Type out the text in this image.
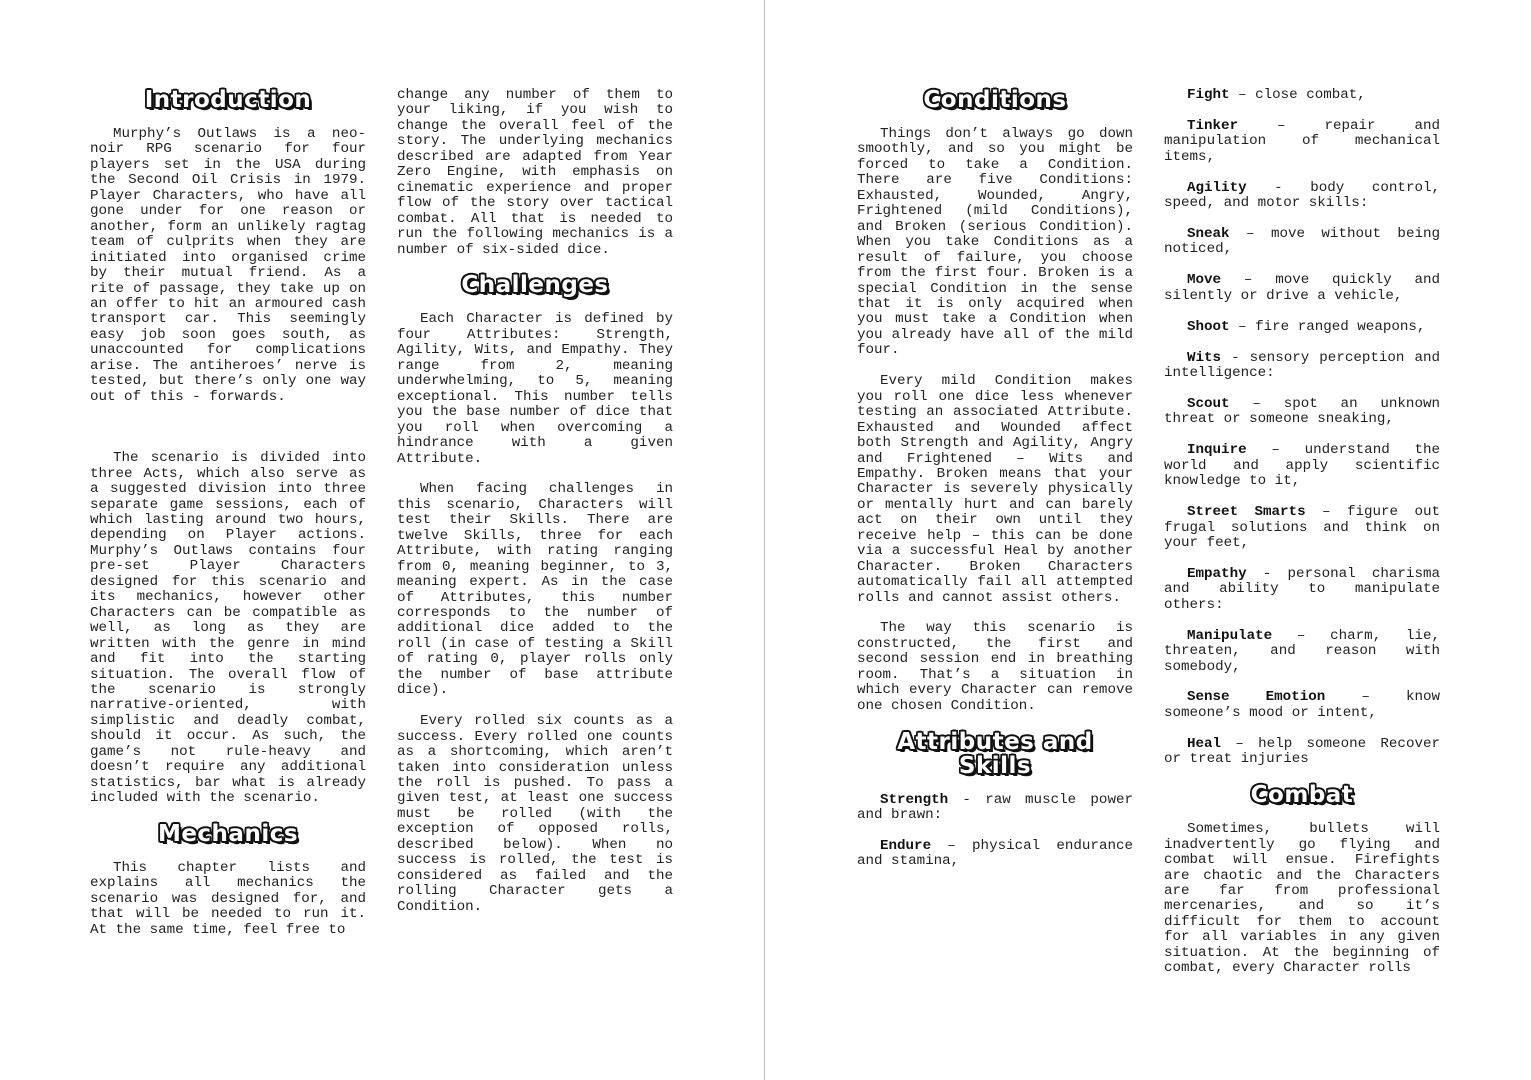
Introduction

Murphy’s Outlaws is a neo-noir RPG scenario for four players set in the USA during the Second Oil Crisis in 1979. Player Characters, who have all gone under for one reason or another, form an unlikely ragtag team of culprits when they are initiated into organised crime by their mutual friend. As a rite of passage, they take up on an offer to hit an armoured cash transport car. This seemingly easy job soon goes south, as unaccounted for complications arise. The antiheroes’ nerve is tested, but there’s only one way out of this - forwards.

The scenario is divided into three Acts, which also serve as a suggested division into three separate game sessions, each of which lasting around two hours, depending on Player actions. Murphy’s Outlaws contains four pre-set Player Characters designed for this scenario and its mechanics, however other Characters can be compatible as well, as long as they are written with the genre in mind and fit into the starting situation. The overall flow of the scenario is strongly narrative-oriented, with simplistic and deadly combat, should it occur. As such, the game’s not rule-heavy and doesn’t require any additional statistics, bar what is already included with the scenario.

Mechanics

This chapter lists and explains all mechanics the scenario was designed for, and that will be needed to run it. At the same time, feel free to

change any number of them to your liking, if you wish to change the overall feel of the story. The underlying mechanics described are adapted from Year Zero Engine, with emphasis on cinematic experience and proper flow of the story over tactical combat. All that is needed to run the following mechanics is a number of six-sided dice.

Challenges

Each Character is defined by four Attributes: Strength, Agility, Wits, and Empathy. They range from 2, meaning underwhelming, to 5, meaning exceptional. This number tells you the base number of dice that you roll when overcoming a hindrance with a given Attribute.

When facing challenges in this scenario, Characters will test their Skills. There are twelve Skills, three for each Attribute, with rating ranging from 0, meaning beginner, to 3, meaning expert. As in the case of Attributes, this number corresponds to the number of additional dice added to the roll (in case of testing a Skill of rating 0, player rolls only the number of base attribute dice).

Every rolled six counts as a success. Every rolled one counts as a shortcoming, which aren’t taken into consideration unless the roll is pushed. To pass a given test, at least one success must be rolled (with the exception of opposed rolls, described below). When no success is rolled, the test is considered as failed and the rolling Character gets a Condition.

Conditions

Things don’t always go down smoothly, and so you might be forced to take a Condition. There are five Conditions: Exhausted, Wounded, Angry, Frightened (mild Conditions), and Broken (serious Condition). When you take Conditions as a result of failure, you choose from the first four. Broken is a special Condition in the sense that it is only acquired when you must take a Condition when you already have all of the mild four.

Every mild Condition makes you roll one dice less whenever testing an associated Attribute. Exhausted and Wounded affect both Strength and Agility, Angry and Frightened – Wits and Empathy. Broken means that your Character is severely physically or mentally hurt and can barely act on their own until they receive help – this can be done via a successful Heal by another Character. Broken Characters automatically fail all attempted rolls and cannot assist others.

The way this scenario is constructed, the first and second session end in breathing room. That’s a situation in which every Character can remove one chosen Condition.

Attributes and Skills

Strength - raw muscle power and brawn:

Endure – physical endurance and stamina,

Fight – close combat,

Tinker – repair and manipulation of mechanical items,

Agility - body control, speed, and motor skills:

Sneak – move without being noticed,

Move – move quickly and silently or drive a vehicle,

Shoot – fire ranged weapons,

Wits - sensory perception and intelligence:

Scout – spot an unknown threat or someone sneaking,

Inquire – understand the world and apply scientific knowledge to it,

Street Smarts – figure out frugal solutions and think on your feet,

Empathy - personal charisma and ability to manipulate others:

Manipulate – charm, lie, threaten, and reason with somebody,

Sense Emotion – know someone’s mood or intent,

Heal – help someone Recover or treat injuries

Combat

Sometimes, bullets will inadvertently go flying and combat will ensue. Firefights are chaotic and the Characters are far from professional mercenaries, and so it’s difficult for them to account for all variables in any given situation. At the beginning of combat, every Character rolls
